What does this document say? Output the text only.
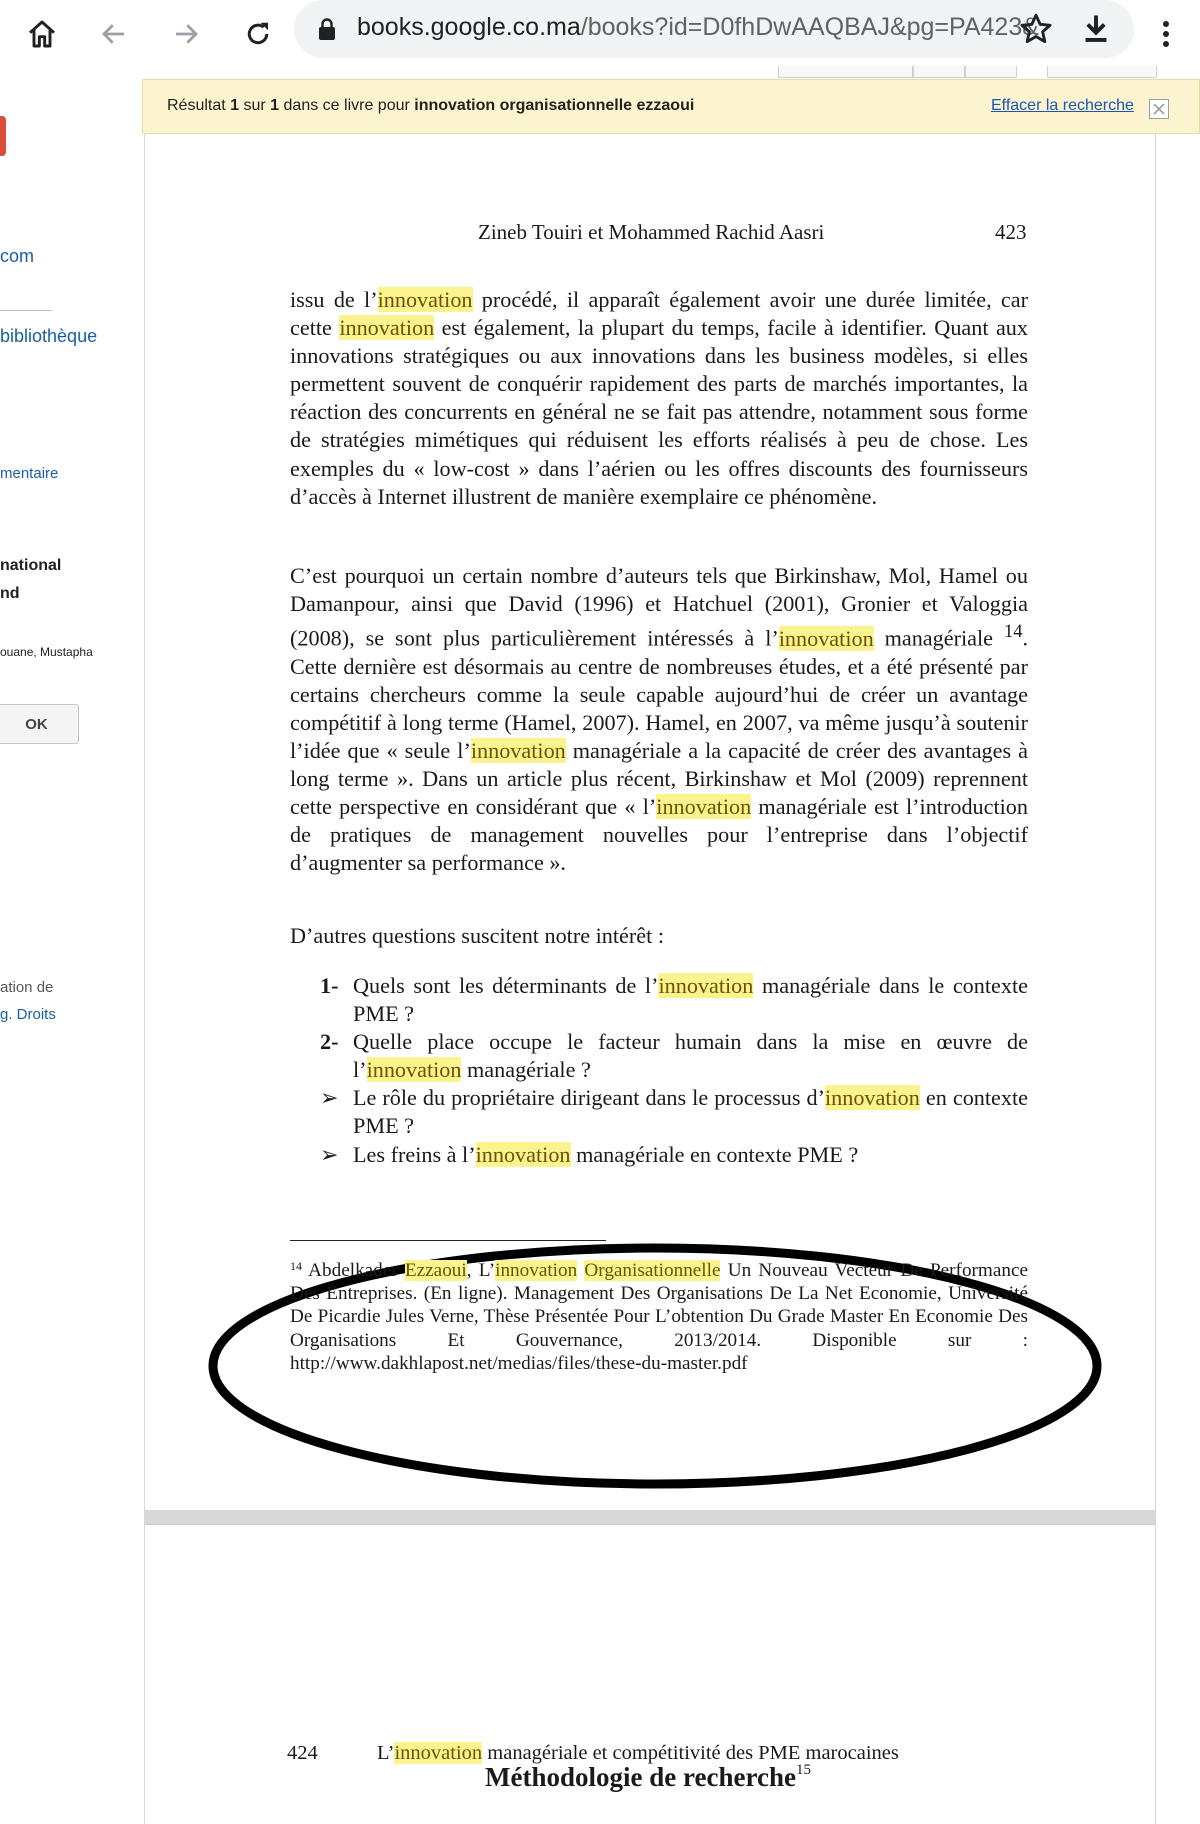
books.google.co.ma/books?id=D0fhDwAAQBAJ&pg=PA423&
com
bibliothèque
mentaire
national
nd
ouane, Mustapha
OK
ation de
g. Droits
Résultat 1 sur 1 dans ce livre pour innovation organisationnelle ezzaoui	Effacer la recherche
Zineb Touiri et Mohammed Rachid Aasri	423
issu de l’innovation procédé, il apparaît également avoir une durée limitée, car cette innovation est également, la plupart du temps, facile à identifier. Quant aux innovations stratégiques ou aux innovations dans les business modèles, si elles permettent souvent de conquérir rapidement des parts de marchés importantes, la réaction des concurrents en général ne se fait pas attendre, notamment sous forme de stratégies mimétiques qui réduisent les efforts réalisés à peu de chose. Les exemples du « low-cost » dans l’aérien ou les offres discounts des fournisseurs d’accès à Internet illustrent de manière exemplaire ce phénomène.
C’est pourquoi un certain nombre d’auteurs tels que Birkinshaw, Mol, Hamel ou Damanpour, ainsi que David (1996) et Hatchuel (2001), Gronier et Valoggia (2008), se sont plus particulièrement intéressés à l’innovation managériale $^{14}$. Cette dernière est désormais au centre de nombreuses études, et a été présenté par certains chercheurs comme la seule capable aujourd’hui de créer un avantage compétitif à long terme (Hamel, 2007). Hamel, en 2007, va même jusqu’à soutenir l’idée que « seule l’innovation managériale a la capacité de créer des avantages à long terme ». Dans un article plus récent, Birkinshaw et Mol (2009) reprennent cette perspective en considérant que « l’innovation managériale est l’introduction de pratiques de management nouvelles pour l’entreprise dans l’objectif d’augmenter sa performance ».
D’autres questions suscitent notre intérêt :
1- Quels sont les déterminants de l’innovation managériale dans le contexte PME ?
2- Quelle place occupe le facteur humain dans la mise en œuvre de l’innovation managériale ?
➢ Le rôle du propriétaire dirigeant dans le processus d’innovation en contexte PME ?
➢ Les freins à l’innovation managériale en contexte PME ?
$^{14}$ Abdelkader Ezzaoui, L’innovation Organisationnelle Un Nouveau Vecteur De Performance Des Entreprises. (En ligne). Management Des Organisations De La Net Economie, Université De Picardie Jules Verne, Thèse Présentée Pour L’obtention Du Grade Master En Economie Des Organisations Et Gouvernance, 2013/2014. Disponible sur : http://www.dakhlapost.net/medias/files/these-du-master.pdf
424	L’innovation managériale et compétitivité des PME marocaines
Méthodologie de recherche$^{15}$
